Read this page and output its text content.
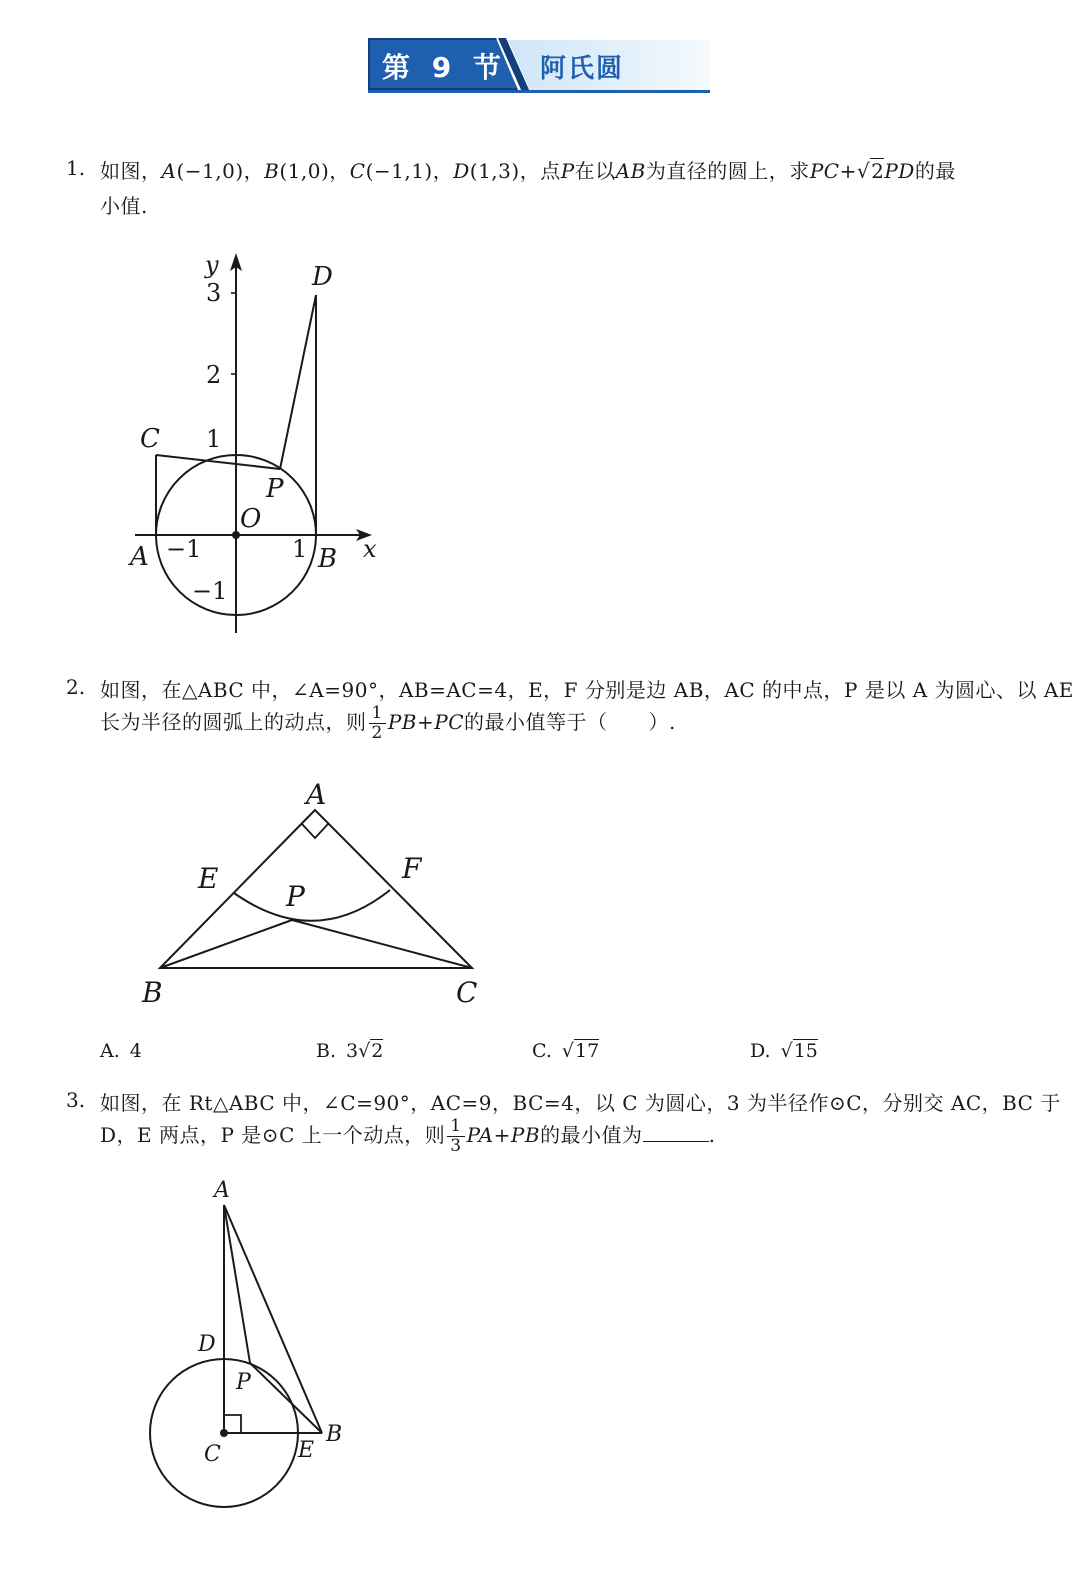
第 9 节 阿氏圆
1. 如图，A(−1,0)，B(1,0)，C(−1,1)，D(1,3)，点P在以AB为直径的圆上，求PC+√2PD的最
小值.
y
x
3
2
1
1
−1
−1
O
A	B
C
D
P
2. 如图，在△ABC 中，∠A=90°，AB=AC=4，E，F 分别是边 AB，AC 的中点，P 是以 A 为圆心、以 AE
长为半径的圆弧上的动点，则 $\frac{1}{2} PB+PC$的最小值等于（　　）.
A
B	C
E	F
P
A. 4	B. 3√2	C. √17	D. √15
3. 如图，在 Rt△ABC 中，∠C=90°，AC=9，BC=4，以 C 为圆心，3 为半径作⊙C，分别交 AC，BC 于
D，E 两点，P 是⊙C 上一个动点，则 $\frac{1}{3} PA+PB$的最小值为	.
A
B
C
D
E
P
